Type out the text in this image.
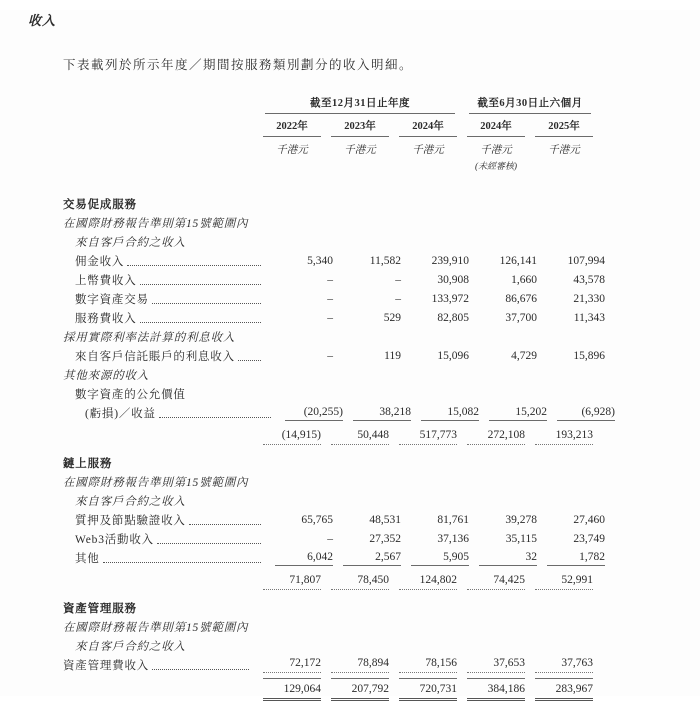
收入
下表載列於所示年度／期間按服務類別劃分的收入明細。
截至12月31日止年度	截至6月30日止六個月
2022年	2023年	2024年	2024年	2025年
千港元	千港元	千港元	千港元	千港元
(未經審核)
交易促成服務
在國際財務報告準則第15號範圍內
來自客戶合約之收入
佣金收入	5,340	11,582	239,910	126,141	107,994
上幣費收入	–	–	30,908	1,660	43,578
數字資產交易	–	–	133,972	86,676	21,330
服務費收入	–	529	82,805	37,700	11,343
採用實際利率法計算的利息收入
來自客戶信託賬戶的利息收入	–	119	15,096	4,729	15,896
其他來源的收入
數字資產的公允價值
(虧損)／收益	(20,255)	38,218	15,082	15,202	(6,928)
(14,915)	50,448	517,773	272,108	193,213
鏈上服務
在國際財務報告準則第15號範圍內
來自客戶合約之收入
質押及節點驗證收入	65,765	48,531	81,761	39,278	27,460
Web3活動收入	–	27,352	37,136	35,115	23,749
其他	6,042	2,567	5,905	32	1,782
71,807	78,450	124,802	74,425	52,991
資產管理服務
在國際財務報告準則第15號範圍內
來自客戶合約之收入
資產管理費收入	72,172	78,894	78,156	37,653	37,763
129,064	207,792	720,731	384,186	283,967
